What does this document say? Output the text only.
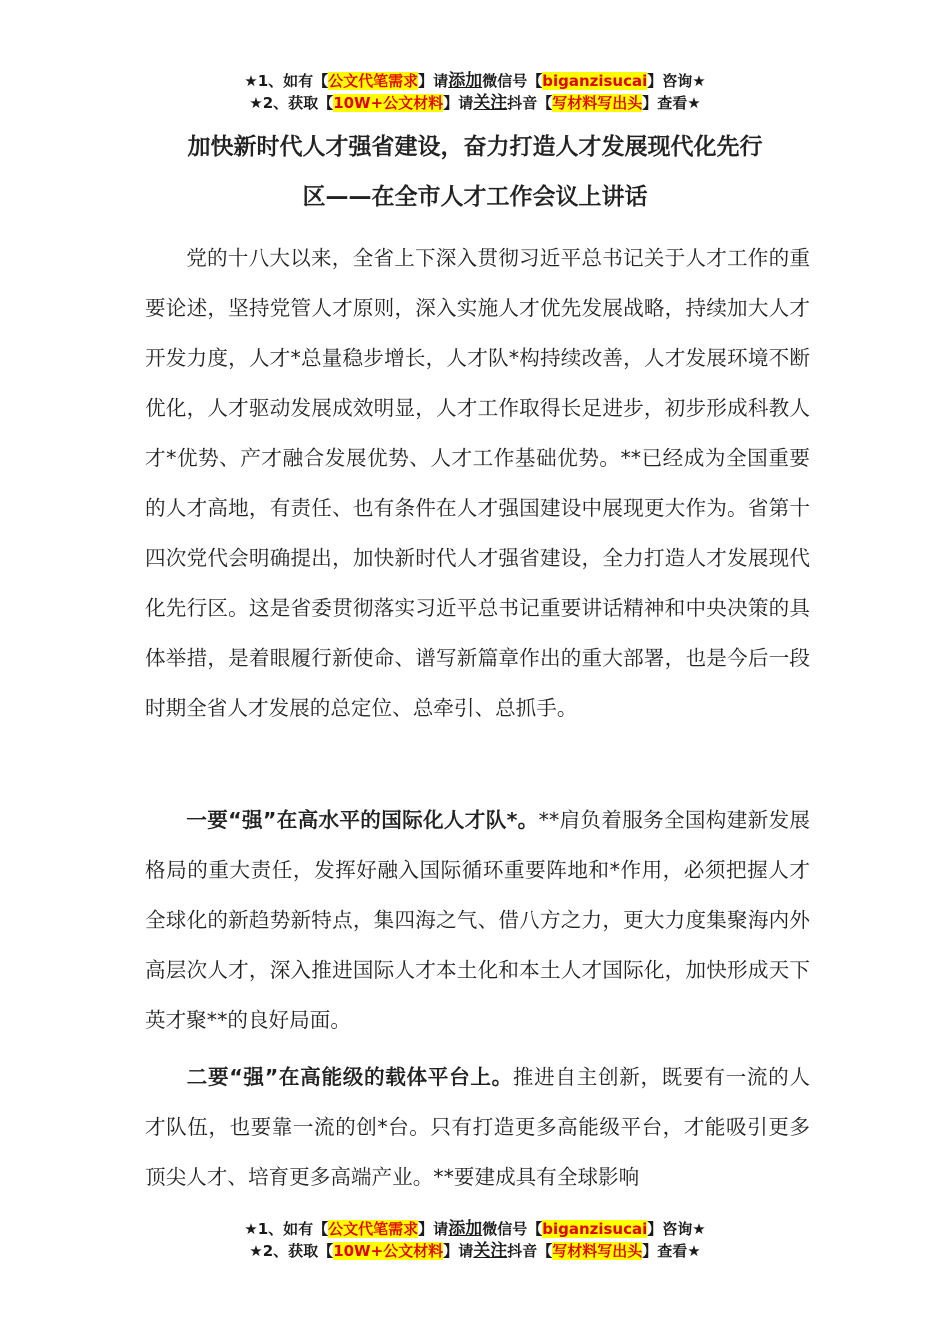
★1、如有【公文代笔需求】请添加微信号【biganzisucai】咨询★
★2、获取【10W+公文材料】请关注抖音【写材料写出头】查看★
加快新时代人才强省建设，奋力打造人才发展现代化先行
区——在全市人才工作会议上讲话

党的十八大以来，全省上下深入贯彻习近平总书记关于人才工作的重要论述，坚持党管人才原则，深入实施人才优先发展战略，持续加大人才开发力度，人才*总量稳步增长，人才队*构持续改善，人才发展环境不断优化，人才驱动发展成效明显，人才工作取得长足进步，初步形成科教人才*优势、产才融合发展优势、人才工作基础优势。**已经成为全国重要的人才高地，有责任、也有条件在人才强国建设中展现更大作为。省第十四次党代会明确提出，加快新时代人才强省建设，全力打造人才发展现代化先行区。这是省委贯彻落实习近平总书记重要讲话精神和中央决策的具体举措，是着眼履行新使命、谱写新篇章作出的重大部署，也是今后一段时期全省人才发展的总定位、总牵引、总抓手。

一要“强”在高水平的国际化人才队*。**肩负着服务全国构建新发展格局的重大责任，发挥好融入国际循环重要阵地和*作用，必须把握人才全球化的新趋势新特点，集四海之气、借八方之力，更大力度集聚海内外高层次人才，深入推进国际人才本土化和本土人才国际化，加快形成天下英才聚**的良好局面。

二要“强”在高能级的载体平台上。推进自主创新，既要有一流的人才队伍，也要靠一流的创*台。只有打造更多高能级平台，才能吸引更多顶尖人才、培育更多高端产业。**要建成具有全球影响

★1、如有【公文代笔需求】请添加微信号【biganzisucai】咨询★
★2、获取【10W+公文材料】请关注抖音【写材料写出头】查看★
